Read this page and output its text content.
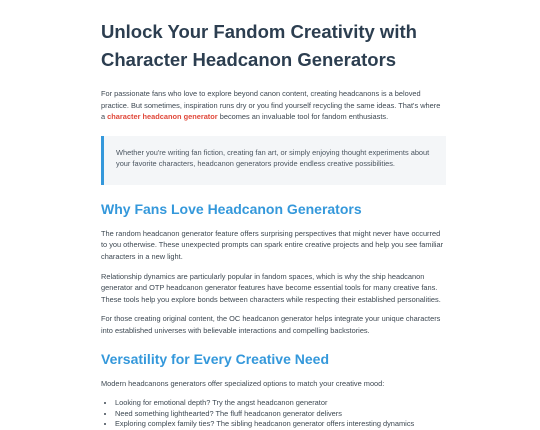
Unlock Your Fandom Creativity with Character Headcanon Generators

For passionate fans who love to explore beyond canon content, creating headcanons is a beloved practice. But sometimes, inspiration runs dry or you find yourself recycling the same ideas. That's where a character headcanon generator becomes an invaluable tool for fandom enthusiasts.

Whether you're writing fan fiction, creating fan art, or simply enjoying thought experiments about your favorite characters, headcanon generators provide endless creative possibilities.

Why Fans Love Headcanon Generators

The random headcanon generator feature offers surprising perspectives that might never have occurred to you otherwise. These unexpected prompts can spark entire creative projects and help you see familiar characters in a new light.

Relationship dynamics are particularly popular in fandom spaces, which is why the ship headcanon generator and OTP headcanon generator features have become essential tools for many creative fans. These tools help you explore bonds between characters while respecting their established personalities.

For those creating original content, the OC headcanon generator helps integrate your unique characters into established universes with believable interactions and compelling backstories.

Versatility for Every Creative Need

Modern headcanons generators offer specialized options to match your creative mood:

• Looking for emotional depth? Try the angst headcanon generator
• Need something lighthearted? The fluff headcanon generator delivers
• Exploring complex family ties? The sibling headcanon generator offers interesting dynamics
